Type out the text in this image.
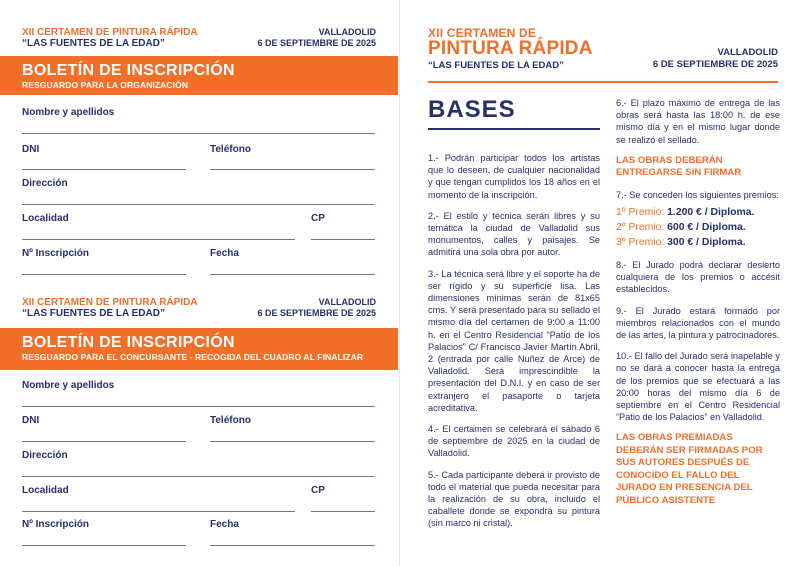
XII CERTAMEN DE PINTURA RÁPIDA
“LAS FUENTES DE LA EDAD”
VALLADOLID
6 DE SEPTIEMBRE DE 2025
BOLETÍN DE INSCRIPCIÓN
RESGUARDO PARA LA ORGANIZACIÓN
Nombre y apellidos
DNI	Teléfono
Dirección
Localidad	CP
Nº Inscripción	Fecha
XII CERTAMEN DE PINTURA RÁPIDA
“LAS FUENTES DE LA EDAD”
VALLADOLID
6 DE SEPTIEMBRE DE 2025
BOLETÍN DE INSCRIPCIÓN
RESGUARDO PARA EL CONCURSANTE - RECOGIDA DEL CUADRO AL FINALIZAR
Nombre y apellidos
DNI	Teléfono
Dirección
Localidad	CP
Nº Inscripción	Fecha
XII CERTAMEN DE
PINTURA RÁPIDA
“LAS FUENTES DE LA EDAD”
VALLADOLID
6 DE SEPTIEMBRE DE 2025
BASES

1.- Podrán participar todos los artistas que lo deseen, de cualquier nacionalidad y que tengan cumplidos los 18 años en el momento de la inscripción.

2.- El estilo y técnica serán libres y su temática la ciudad de Valladolid sus monumentos, calles y paisajes. Se admitirá una sola obra por autor.

3.- La técnica será libre y el soporte ha de ser rígido y su superficie lisa. Las dimensiones mínimas serán de 81x65 cms. Y será presentado para su sellado el mismo día del certamen de 9:00 a 11:00 h. en el Centro Residencial “Patio de los Palacios” C/ Francisco Javier Martín Abril, 2 (entrada por calle Nuñez de Arce) de Valladolid. Será imprescindible la presentación del D.N.I. y en caso de ser extranjero el pasaporte o tarjeta acreditativa.

4.- El certamen se celebrará el sábado 6 de septiembre de 2025 en la ciudad de Valladolid.

5.- Cada participante deberá ir provisto de todo el material que pueda necesitar para la realización de su obra, incluido el caballete donde se expondrá su pintura (sin marco ni cristal).

6.- El plazo máximo de entrega de las obras será hasta las 18:00 h. de ese mismo día y en el mismo lugar donde se realizó el sellado.

LAS OBRAS DEBERÁN ENTREGARSE SIN FIRMAR

7.- Se conceden los siguientes premios:

1º Premio: 1.200 € / Diploma.
2º Premio: 600 € / Diploma.
3º Premio: 300 € / Diploma.

8.- El Jurado podrá declarar desierto cualquiera de los premios o accésit establecidos.

9.- El Jurado estará formado por miembros relacionados con el mundo de las artes, la pintura y patrocinadores.

10.- El fallo del Jurado será inapelable y no se dará a conocer hasta la entrega de los premios que se efectuará a las 20:00 horas del mismo día 6 de septiembre en el Centro Residencial “Patio de los Palacios” en Valladolid.

LAS OBRAS PREMIADAS DEBERÁN SER FIRMADAS POR SUS AUTORES DESPUÉS DE CONOCIDO EL FALLO DEL JURADO EN PRESENCIA DEL PÚBLICO ASISTENTE
